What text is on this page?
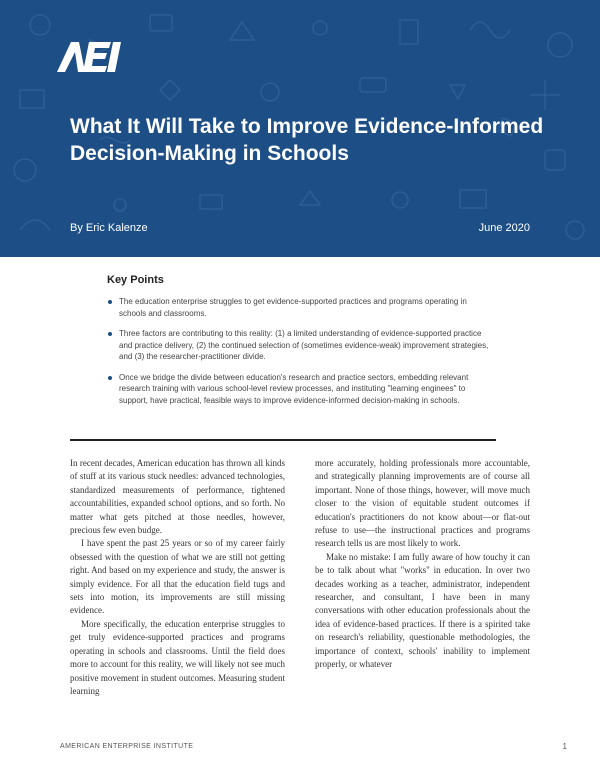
What It Will Take to Improve Evidence-Informed Decision-Making in Schools
By Eric Kalenze	June 2020
Key Points
The education enterprise struggles to get evidence-supported practices and programs operating in schools and classrooms.
Three factors are contributing to this reality: (1) a limited understanding of evidence-supported practice and practice delivery, (2) the continued selection of (sometimes evidence-weak) improvement strategies, and (3) the researcher-practitioner divide.
Once we bridge the divide between education's research and practice sectors, embedding relevant research training with various school-level review processes, and instituting "learning enginees" to support, have practical, feasible ways to improve evidence-informed decision-making in schools.

In recent decades, American education has thrown all kinds of stuff at its various stuck needles: advanced technologies, standardized measurements of performance, tightened accountabilities, expanded school options, and so forth. No matter what gets pitched at those needles, however, precious few even budge.

I have spent the past 25 years or so of my career fairly obsessed with the question of what we are still not getting right. And based on my experience and study, the answer is simply evidence. For all that the education field tugs and sets into motion, its improvements are still missing evidence.

More specifically, the education enterprise struggles to get truly evidence-supported practices and programs operating in schools and classrooms. Until the field does more to account for this reality, we will likely not see much positive movement in student outcomes. Measuring student learning

more accurately, holding professionals more accountable, and strategically planning improvements are of course all important. None of those things, however, will move much closer to the vision of equitable student outcomes if education's practitioners do not know about—or flat-out refuse to use—the instructional practices and programs research tells us are most likely to work.

Make no mistake: I am fully aware of how touchy it can be to talk about what "works" in education. In over two decades working as a teacher, administrator, independent researcher, and consultant, I have been in many conversations with other education professionals about the idea of evidence-based practices. If there is a spirited take on research's reliability, questionable methodologies, the importance of context, schools' inability to implement properly, or whatever

AMERICAN ENTERPRISE INSTITUTE	1
